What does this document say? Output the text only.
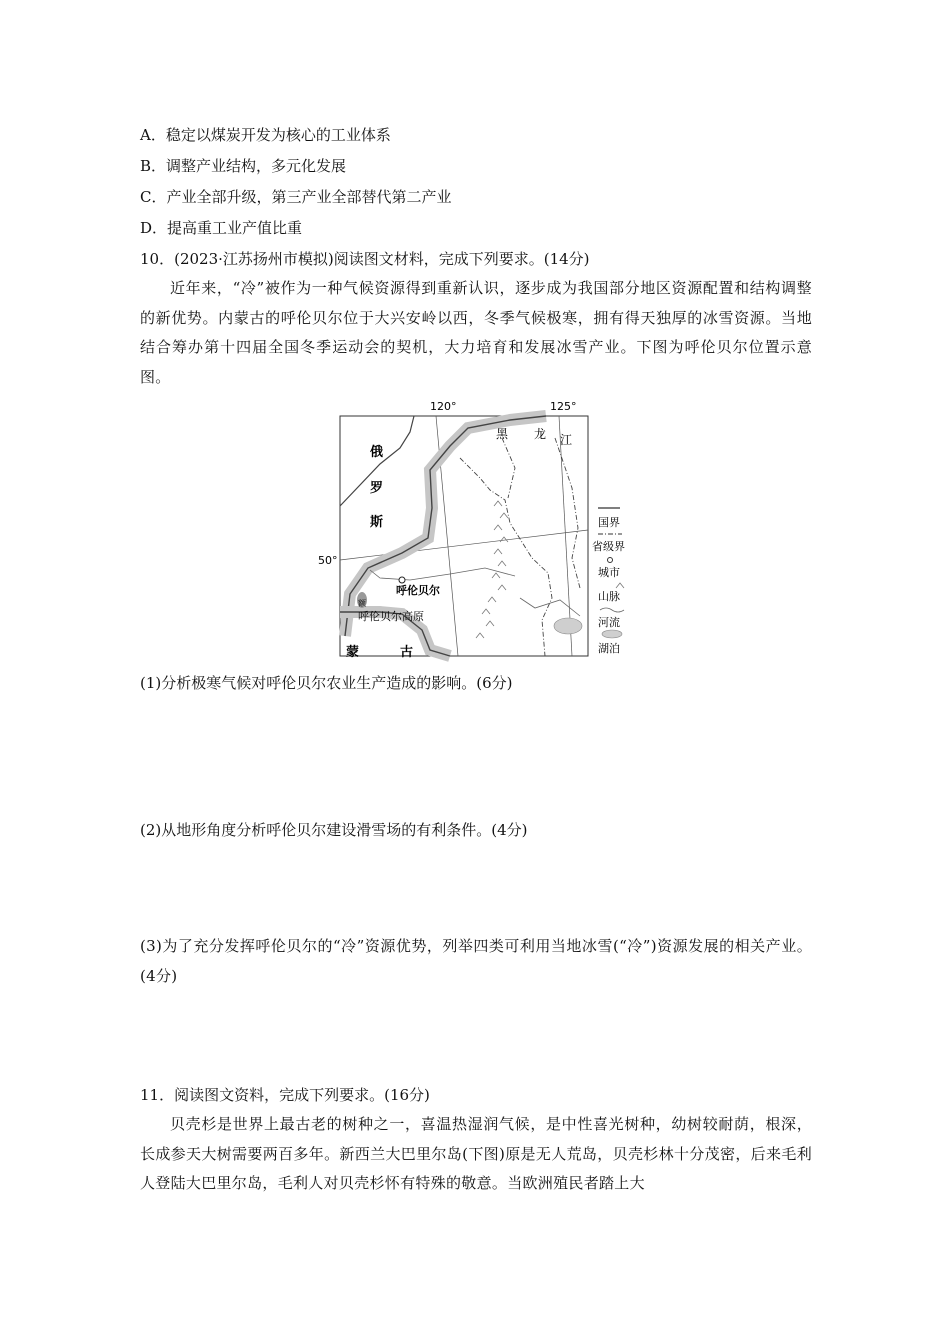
A．稳定以煤炭开发为核心的工业体系
B．调整产业结构，多元化发展
C．产业全部升级，第三产业全部替代第二产业
D．提高重工业产值比重
10．(2023·江苏扬州市模拟)阅读图文材料，完成下列要求。(14分)
近年来，“冷”被作为一种气候资源得到重新认识，逐步成为我国部分地区资源配置和结构调整的新优势。内蒙古的呼伦贝尔位于大兴安岭以西，冬季气候极寒，拥有得天独厚的冰雪资源。当地结合筹办第十四届全国冬季运动会的契机，大力培育和发展冰雪产业。下图为呼伦贝尔位置示意图。
120°	125°
50°
俄
罗
斯
黑 龙 江
呼伦贝尔
呼伦贝尔高原
额
蒙	古
国界
省级界
城市
山脉
河流
湖泊
(1)分析极寒气候对呼伦贝尔农业生产造成的影响。(6分)
(2)从地形角度分析呼伦贝尔建设滑雪场的有利条件。(4分)
(3)为了充分发挥呼伦贝尔的“冷”资源优势，列举四类可利用当地冰雪(“冷”)资源发展的相关产业。(4分)
11．阅读图文资料，完成下列要求。(16分)
贝壳杉是世界上最古老的树种之一，喜温热湿润气候，是中性喜光树种，幼树较耐荫，根深，长成参天大树需要两百多年。新西兰大巴里尔岛(下图)原是无人荒岛，贝壳杉林十分茂密，后来毛利人登陆大巴里尔岛，毛利人对贝壳杉怀有特殊的敬意。当欧洲殖民者踏上大
